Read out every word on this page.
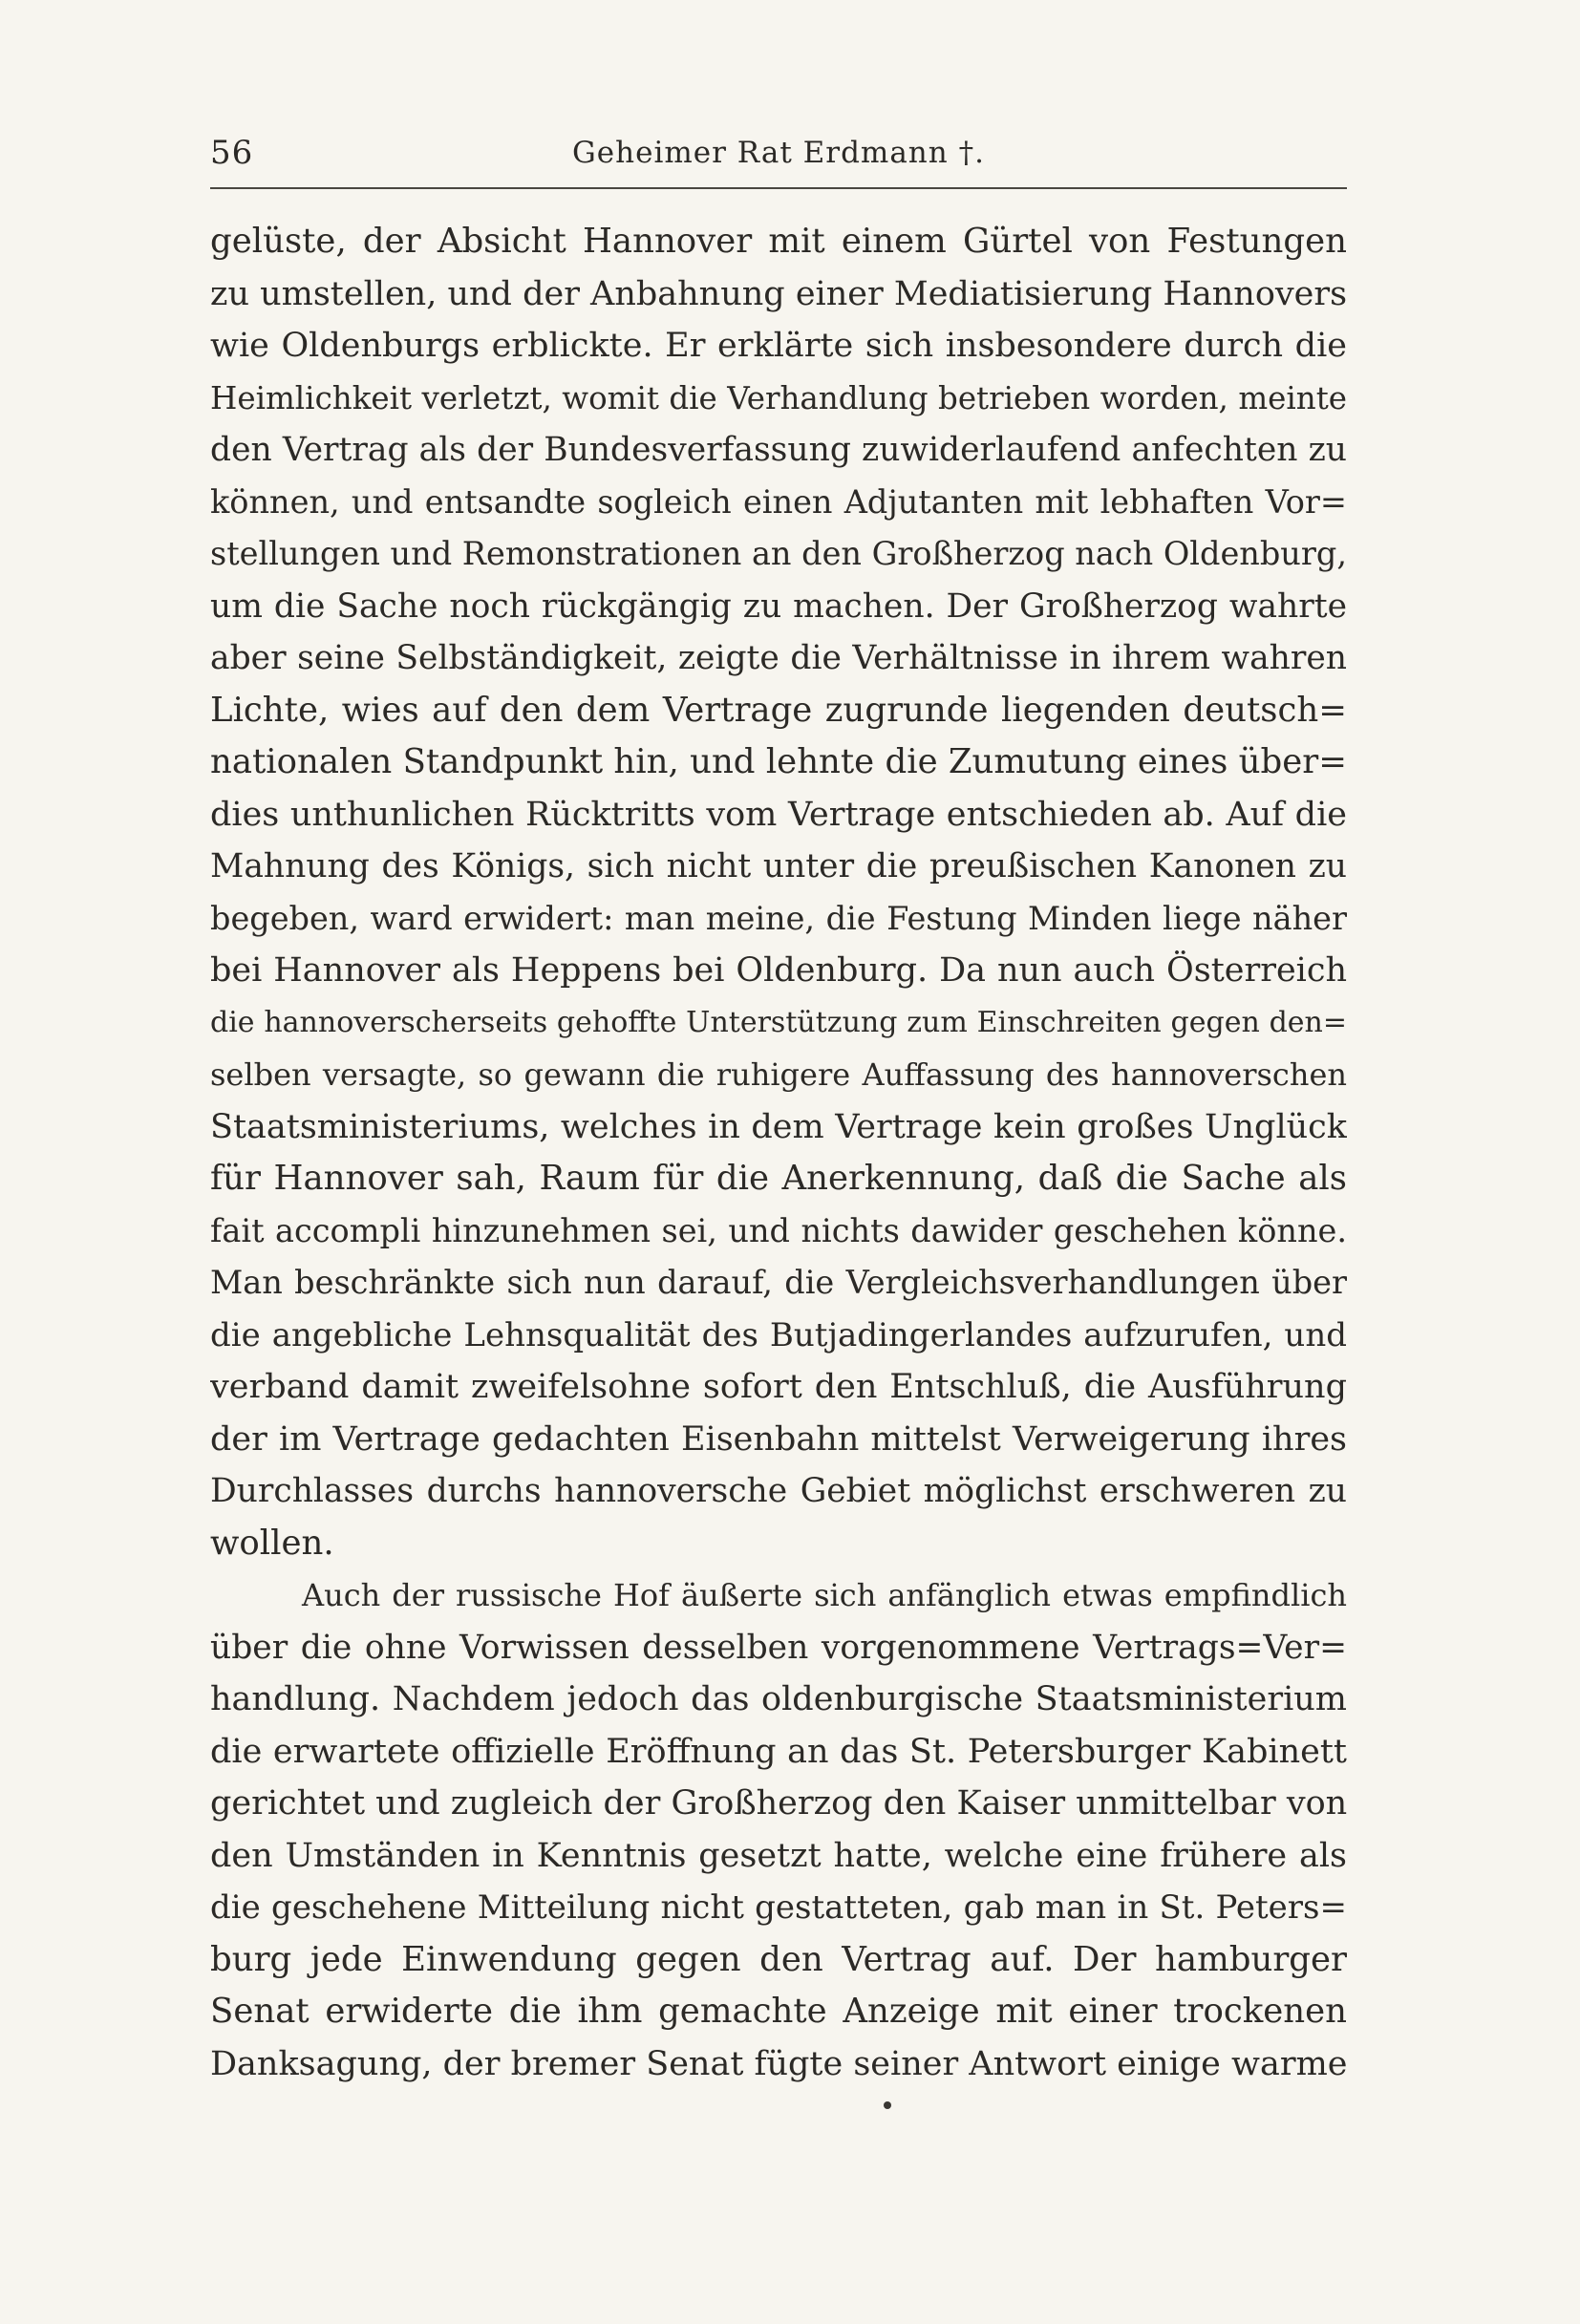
56	Geheimer Rat Erdmann †.
gelüste, der Absicht Hannover mit einem Gürtel von Festungen
zu umstellen, und der Anbahnung einer Mediatisierung Hannovers
wie Oldenburgs erblickte. Er erklärte sich insbesondere durch die
Heimlichkeit verletzt, womit die Verhandlung betrieben worden, meinte
den Vertrag als der Bundesverfassung zuwiderlaufend anfechten zu
können, und entsandte sogleich einen Adjutanten mit lebhaften Vor=
stellungen und Remonstrationen an den Großherzog nach Oldenburg,
um die Sache noch rückgängig zu machen. Der Großherzog wahrte
aber seine Selbständigkeit, zeigte die Verhältnisse in ihrem wahren
Lichte, wies auf den dem Vertrage zugrunde liegenden deutsch=
nationalen Standpunkt hin, und lehnte die Zumutung eines über=
dies unthunlichen Rücktritts vom Vertrage entschieden ab. Auf die
Mahnung des Königs, sich nicht unter die preußischen Kanonen zu
begeben, ward erwidert: man meine, die Festung Minden liege näher
bei Hannover als Heppens bei Oldenburg. Da nun auch Österreich
die hannoverscherseits gehoffte Unterstützung zum Einschreiten gegen den=
selben versagte, so gewann die ruhigere Auffassung des hannoverschen
Staatsministeriums, welches in dem Vertrage kein großes Unglück
für Hannover sah, Raum für die Anerkennung, daß die Sache als
fait accompli hinzunehmen sei, und nichts dawider geschehen könne.
Man beschränkte sich nun darauf, die Vergleichsverhandlungen über
die angebliche Lehnsqualität des Butjadingerlandes aufzurufen, und
verband damit zweifelsohne sofort den Entschluß, die Ausführung
der im Vertrage gedachten Eisenbahn mittelst Verweigerung ihres
Durchlasses durchs hannoversche Gebiet möglichst erschweren zu
wollen.
Auch der russische Hof äußerte sich anfänglich etwas empfindlich
über die ohne Vorwissen desselben vorgenommene Vertrags=Ver=
handlung. Nachdem jedoch das oldenburgische Staatsministerium
die erwartete offizielle Eröffnung an das St. Petersburger Kabinett
gerichtet und zugleich der Großherzog den Kaiser unmittelbar von
den Umständen in Kenntnis gesetzt hatte, welche eine frühere als
die geschehene Mitteilung nicht gestatteten, gab man in St. Peters=
burg jede Einwendung gegen den Vertrag auf. Der hamburger
Senat erwiderte die ihm gemachte Anzeige mit einer trockenen
Danksagung, der bremer Senat fügte seiner Antwort einige warme
